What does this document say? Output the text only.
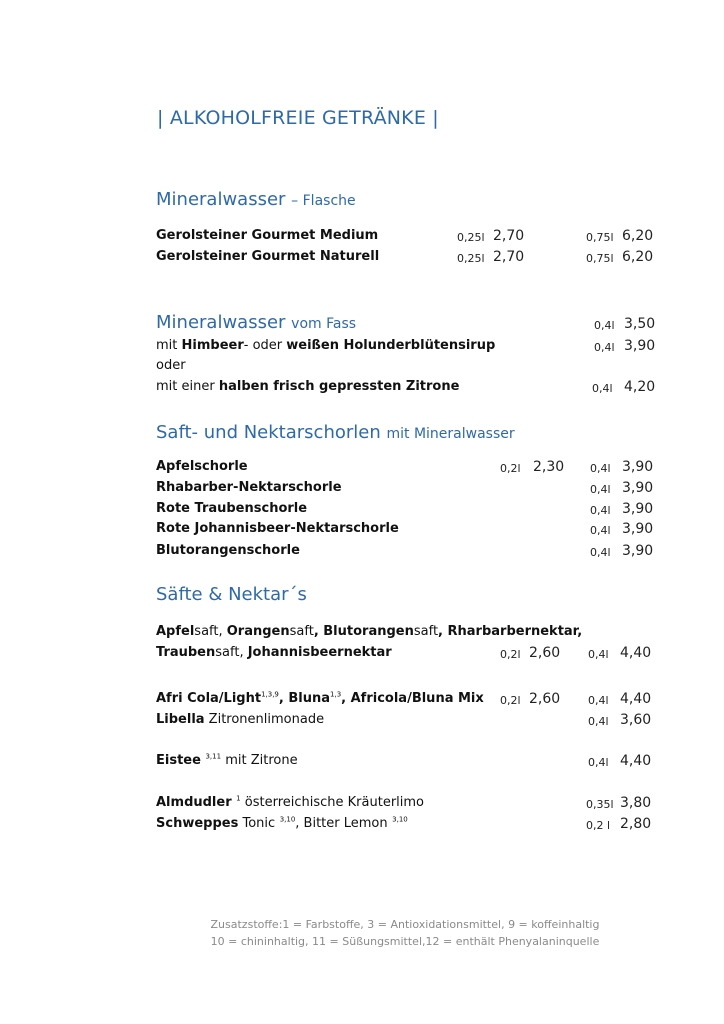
| ALKOHOLFREIE GETRÄNKE |
Mineralwasser – Flasche
Gerolsteiner Gourmet Medium	0,25l 2,70	0,75l 6,20
Gerolsteiner Gourmet Naturell	0,25l 2,70	0,75l 6,20
Mineralwasser vom Fass	0,4l 3,50
mit Himbeer- oder weißen Holunderblütensirup	0,4l 3,90
oder
mit einer halben frisch gepressten Zitrone	0,4l 4,20
Saft- und Nektarschorlen mit Mineralwasser
Apfelschorle	0,2l 2,30 0,4l 3,90
Rhabarber-Nektarschorle	0,4l 3,90
Rote Traubenschorle	0,4l 3,90
Rote Johannisbeer-Nektarschorle	0,4l 3,90
Blutorangenschorle	0,4l 3,90
Säfte & Nektar´s
Apfelsaft, Orangensaft, Blutorangensaft, Rharbarbernektar,
Traubensaft, Johannisbeernektar	0,2l 2,60	0,4l 4,40
Afri Cola/Light$^{1,3,9}$, Bluna$^{1,3}$, Africola/Bluna Mix 0,2l 2,60	0,4l 4,40
Libella Zitronenlimonade	0,4l 3,60
Eistee $^{3,11}$ mit Zitrone	0,4l 4,40
Almdudler $^1$ österreichische Kräuterlimo	0,35l 3,80
Schweppes Tonic $^{3,10}$, Bitter Lemon $^{3,10}$	0,2 l 2,80
Zusatzstoffe:1 = Farbstoffe, 3 = Antioxidationsmittel, 9 = koffeinhaltig
10 = chininhaltig, 11 = Süßungsmittel,12 = enthält Phenyalaninquelle
